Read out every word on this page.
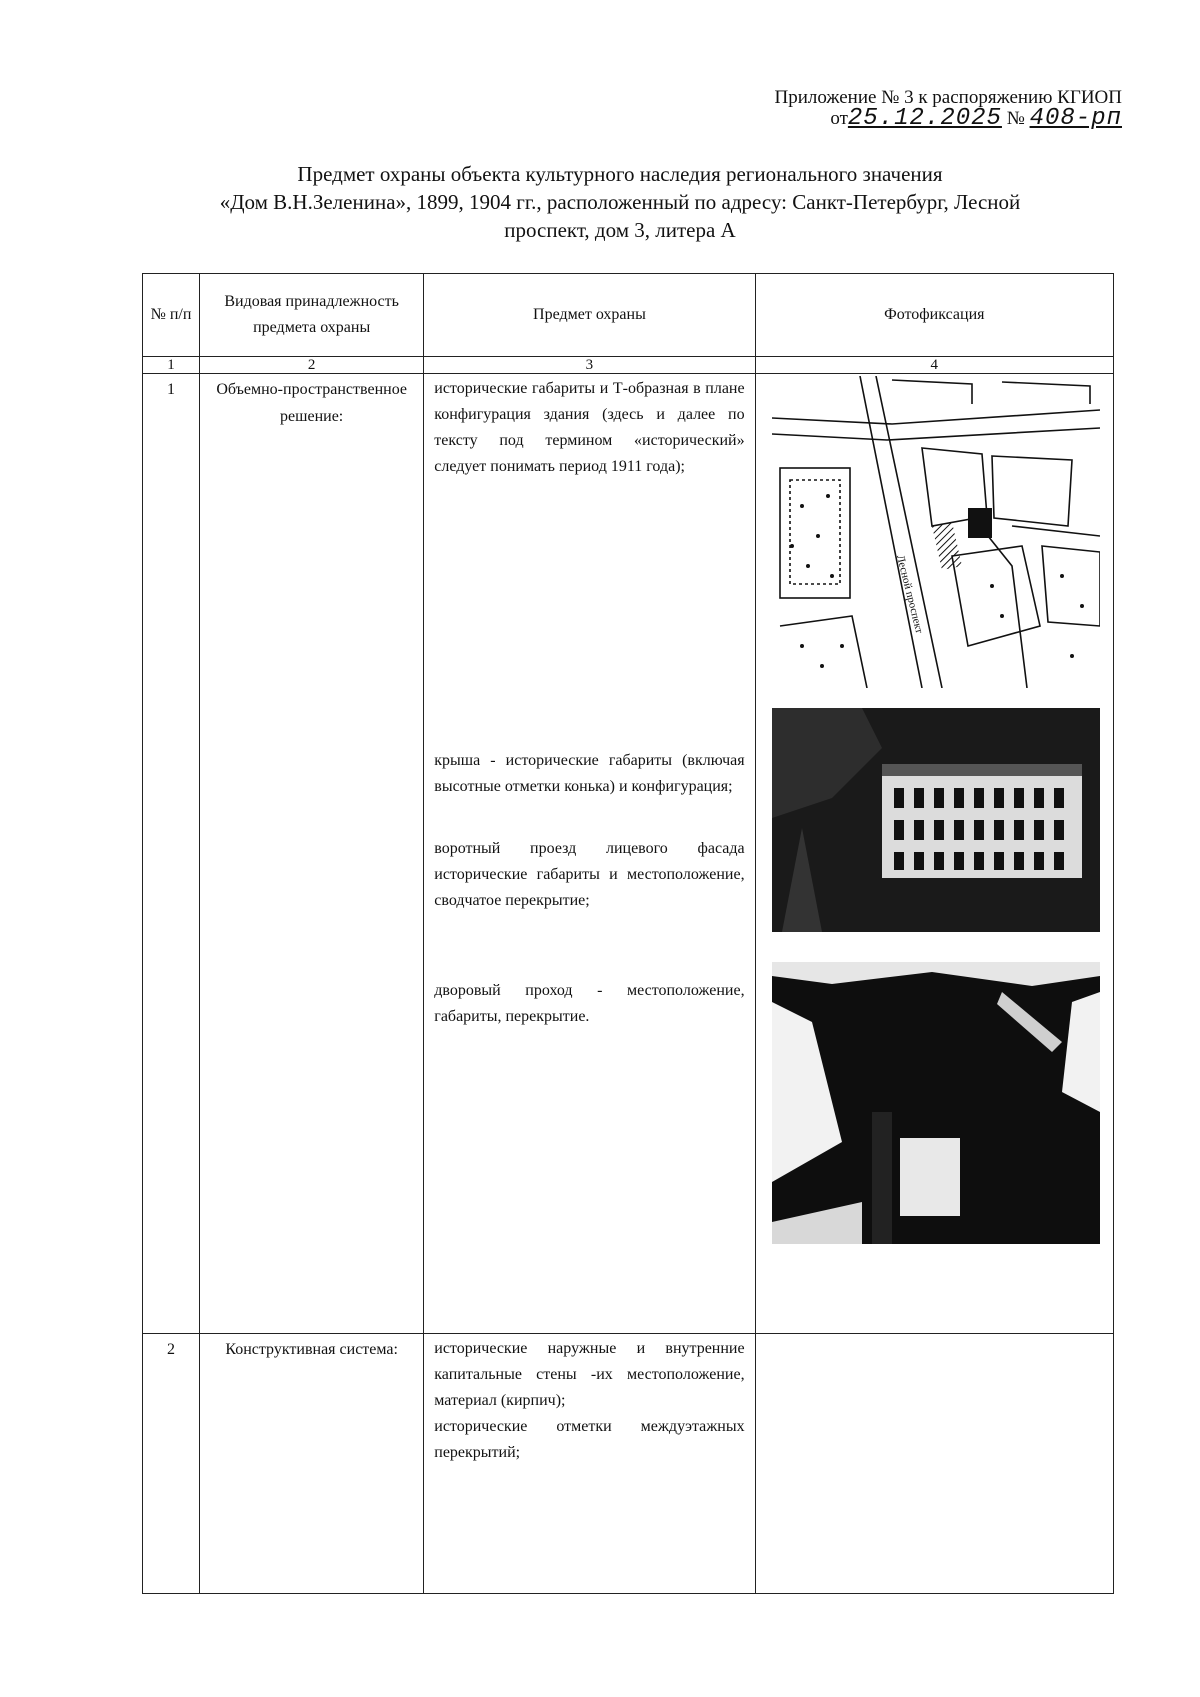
Приложение № 3 к распоряжению КГИОП
от25.12.2025 № 408-рп
Предмет охраны объекта культурного наследия регионального значения
«Дом В.Н.Зеленина», 1899, 1904 гг., расположенный по адресу: Санкт-Петербург, Лесной
проспект, дом 3, литера А
№ п/п	Видовая принадлежность предмета охраны	Предмет охраны	Фотофиксация
1	2	3	4
1	Объемно-пространственное решение:	исторические габариты и Т-образная в плане конфигурация здания (здесь и далее по тексту под термином «исторический» следует понимать период 1911 года);

крыша - исторические габариты (включая высотные отметки конька) и конфигурация;

воротный проезд лицевого фасада исторические габариты и местоположение, сводчатое перекрытие;

дворовый проход - местоположение, габариты, перекрытие.	Лесной проспект

2	Конструктивная система:	исторические наружные и внутренние капитальные стены -их местоположение, материал (кирпич);

исторические отметки междуэтажных перекрытий;	
